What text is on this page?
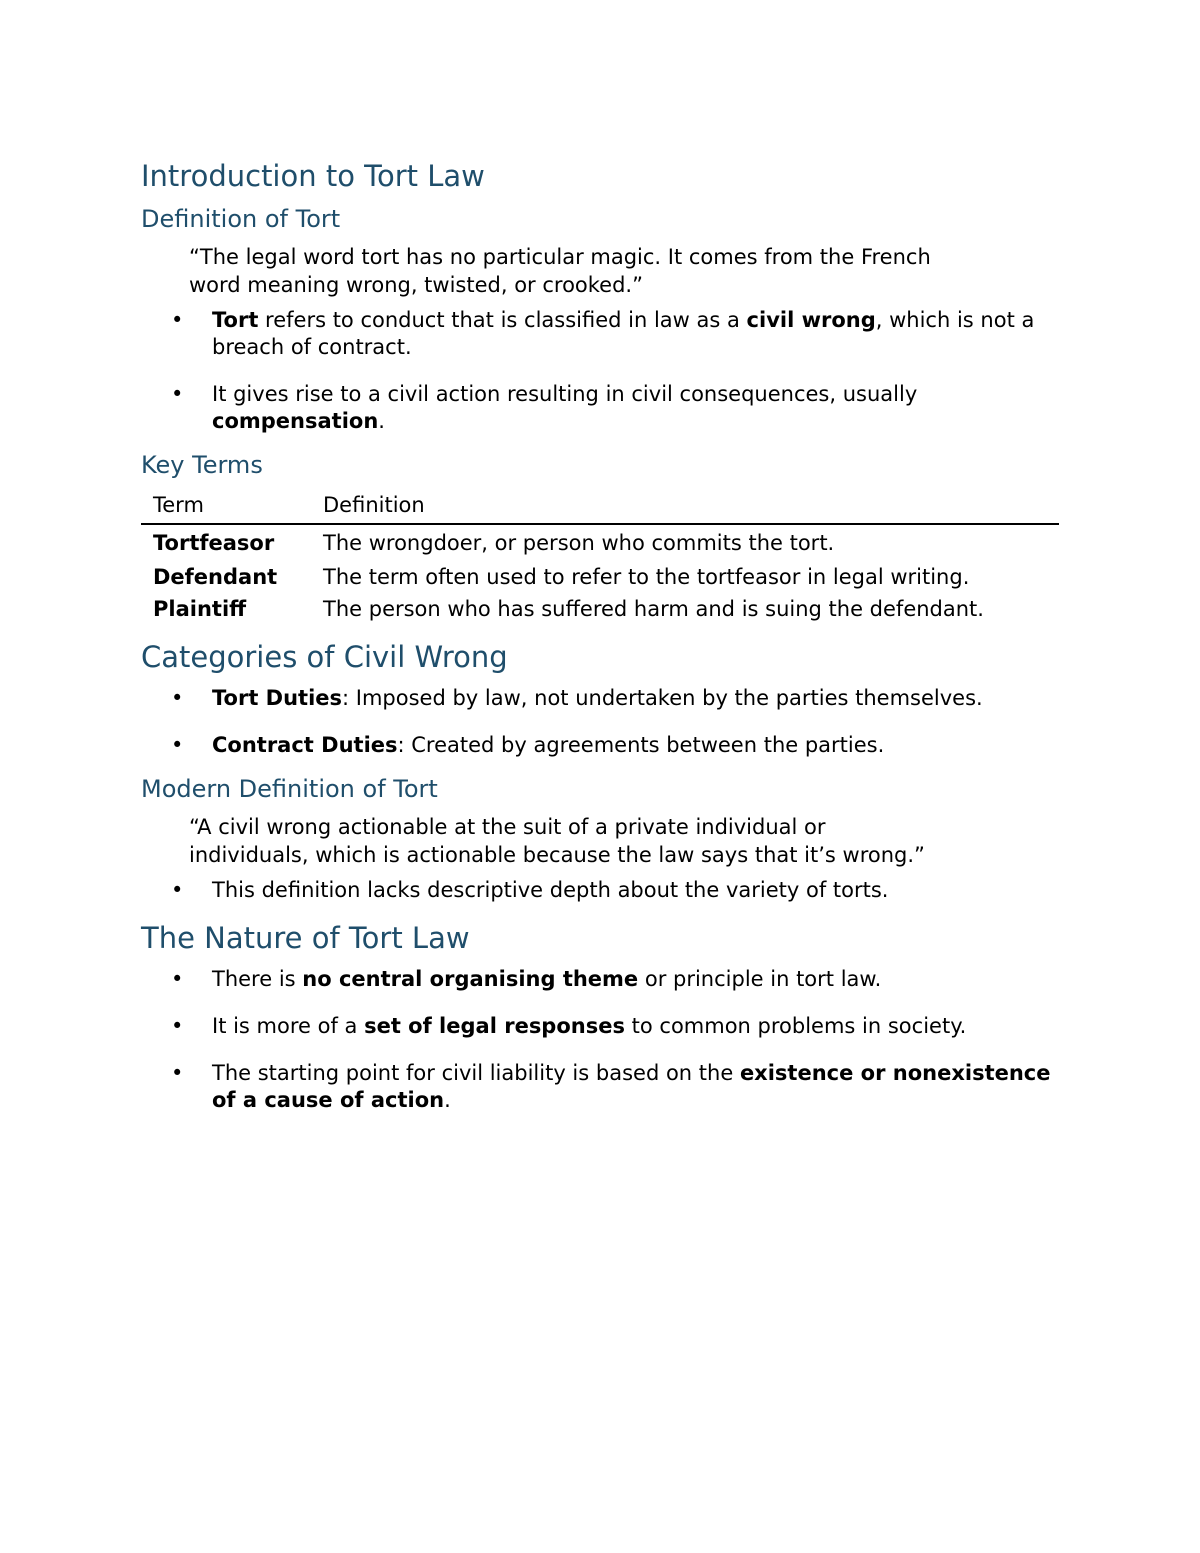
Introduction to Tort Law
Definition of Tort

“The legal word tort has no particular magic. It comes from the French word meaning wrong, twisted, or crooked.”

• Tort refers to conduct that is classified in law as a civil wrong, which is not a breach of contract.
• It gives rise to a civil action resulting in civil consequences, usually compensation.
Key Terms
Term	Definition
Tortfeasor	The wrongdoer, or person who commits the tort.
Defendant	The term often used to refer to the tortfeasor in legal writing.
Plaintiff	The person who has suffered harm and is suing the defendant.
Categories of Civil Wrong
• Tort Duties: Imposed by law, not undertaken by the parties themselves.
• Contract Duties: Created by agreements between the parties.
Modern Definition of Tort

“A civil wrong actionable at the suit of a private individual or individuals, which is actionable because the law says that it’s wrong.”

• This definition lacks descriptive depth about the variety of torts.
The Nature of Tort Law
• There is no central organising theme or principle in tort law.
• It is more of a set of legal responses to common problems in society.
• The starting point for civil liability is based on the existence or nonexistence of a cause of action.
